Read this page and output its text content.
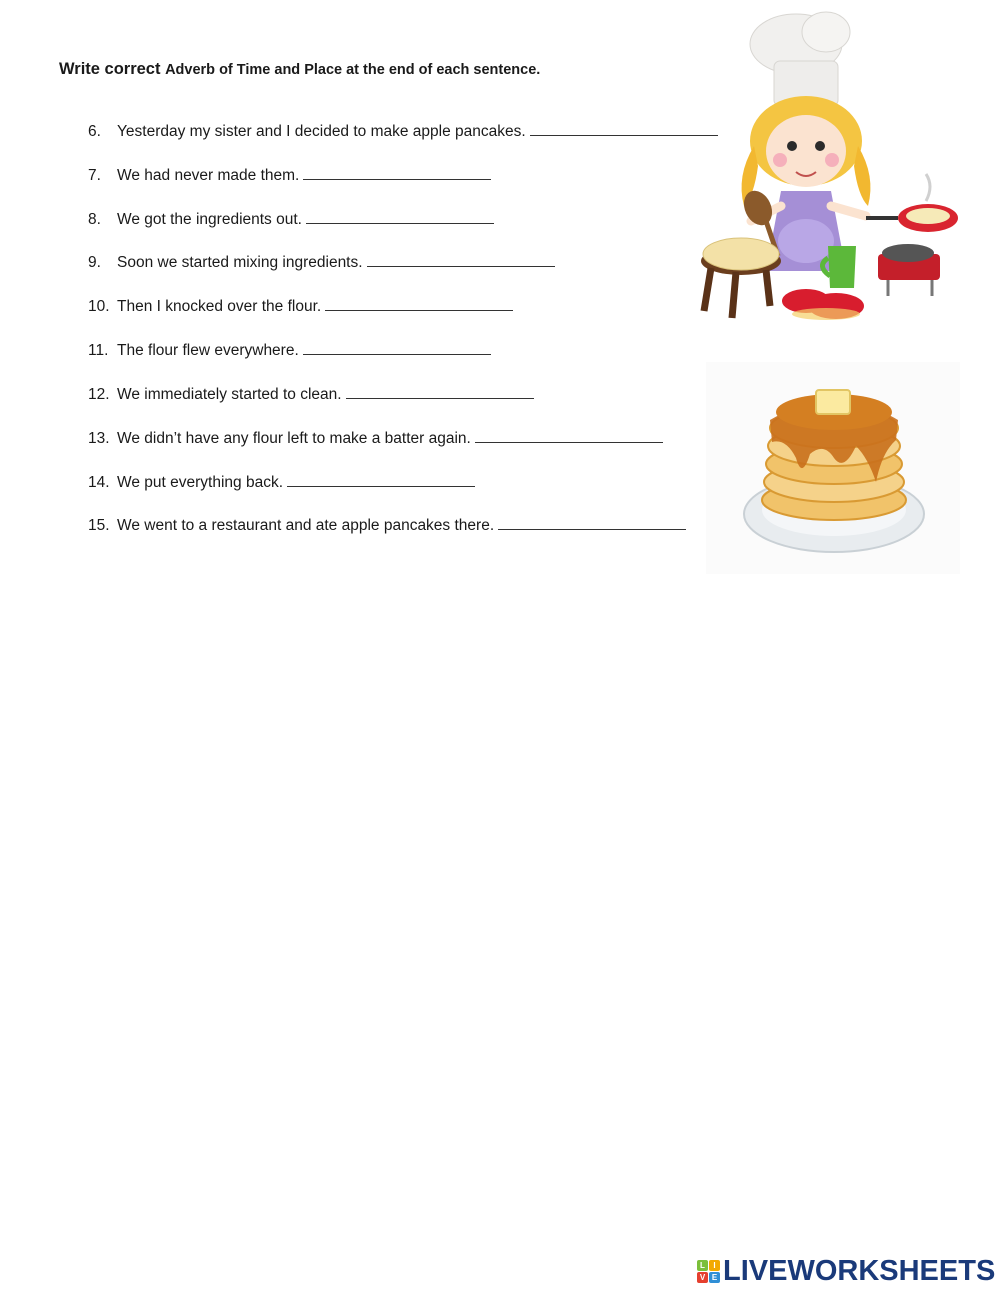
Write correct Adverb of Time and Place at the end of each sentence.
6. Yesterday my sister and I decided to make apple pancakes.
7. We had never made them.
8. We got the ingredients out.
9. Soon we started mixing ingredients.
10. Then I knocked over the flour.
11. The flour flew everywhere.
12. We immediately started to clean.
13. We didn’t have any flour left to make a batter again.
14. We put everything back.
15. We went to a restaurant and ate apple pancakes there.
L	I
V E LIVEWORKSHEETS
